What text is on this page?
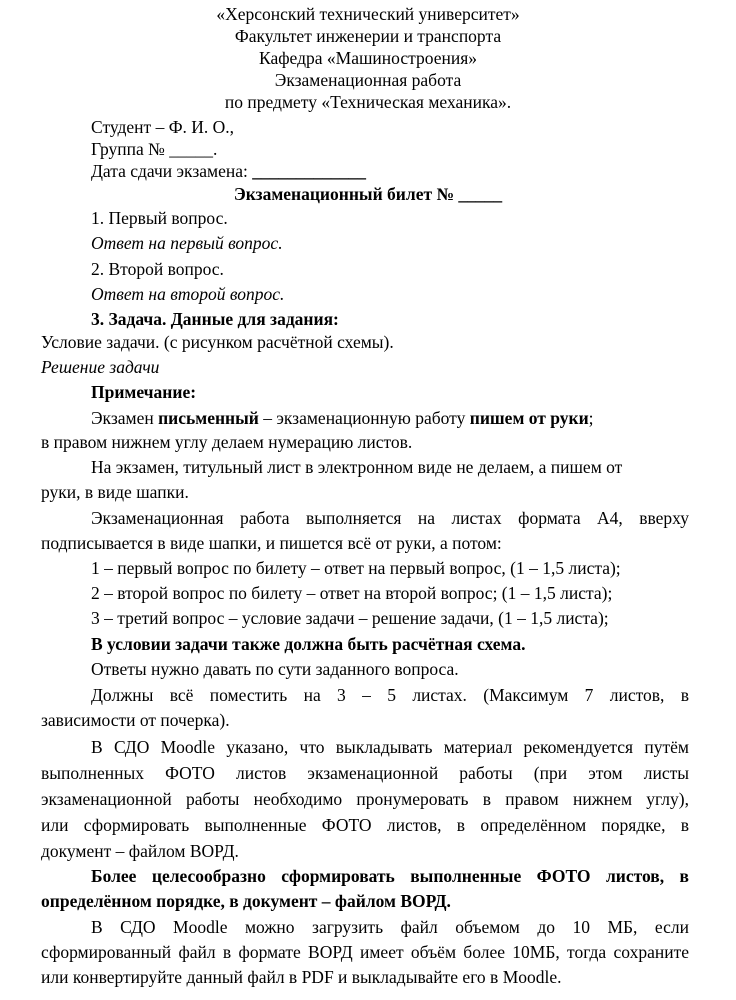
«Херсонский технический университет»
Факультет инженерии и транспорта
Кафедра «Машиностроения»
Экзаменационная работа
по предмету «Техническая механика».
Студент – Ф. И. О.,
Группа № _____.
Дата сдачи экзамена: _____________
Экзаменационный билет № _____
1. Первый вопрос.
Ответ на первый вопрос.
2. Второй вопрос.
Ответ на второй вопрос.
3. Задача. Данные для задания:
Условие задачи. (с рисунком расчётной схемы).
Решение задачи
Примечание:
Экзамен письменный – экзаменационную работу пишем от руки;
в правом нижнем углу делаем нумерацию листов.
На экзамен, титульный лист в электронном виде не делаем, а пишем от
руки, в виде шапки.
Экзаменационная работа выполняется на листах формата А4, вверху
подписывается в виде шапки, и пишется всё от руки, а потом:
1 – первый вопрос по билету – ответ на первый вопрос, (1 – 1,5 листа);
2 – второй вопрос по билету – ответ на второй вопрос; (1 – 1,5 листа);
3 – третий вопрос – условие задачи – решение задачи, (1 – 1,5 листа);
В условии задачи также должна быть расчётная схема.
Ответы нужно давать по сути заданного вопроса.
Должны всё поместить на 3 – 5 листах. (Максимум 7 листов, в
зависимости от почерка).
В СДО Moodle указано, что выкладывать материал рекомендуется путём
выполненных ФОТО листов экзаменационной работы (при этом листы
экзаменационной работы необходимо пронумеровать в правом нижнем углу),
или сформировать выполненные ФОТО листов, в определённом порядке, в
документ – файлом ВОРД.
Более целесообразно сформировать выполненные ФОТО листов, в
определённом порядке, в документ – файлом ВОРД.
В СДО Moodle можно загрузить файл объемом до 10 МБ, если
сформированный файл в формате ВОРД имеет объём более 10МБ, тогда сохраните
или конвертируйте данный файл в PDF и выкладывайте его в Moodle.
